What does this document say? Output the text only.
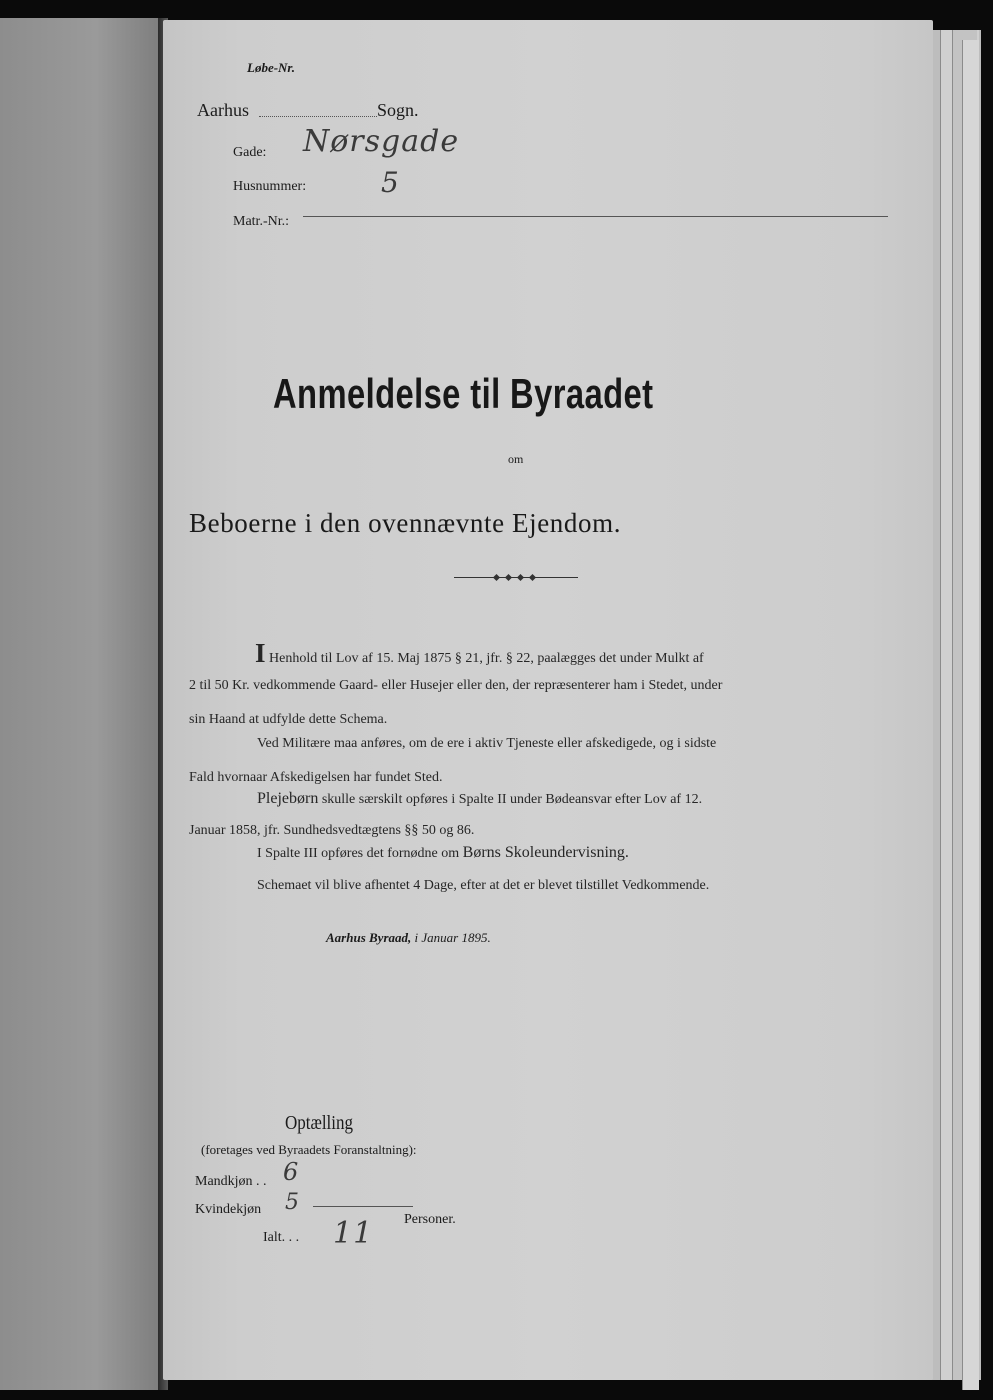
Løbe-Nr.
Aarhus	Sogn.
Gade: Nørsgade
Husnummer:	5
Matr.-Nr.:
Anmeldelse til Byraadet
om
Beboerne i den ovennævnte Ejendom.
I Henhold til Lov af 15. Maj 1875 § 21, jfr. § 22, paalægges det under Mulkt af
2 til 50 Kr. vedkommende Gaard- eller Husejer eller den, der repræsenterer ham i Stedet, under
sin Haand at udfylde dette Schema.
Ved Militære maa anføres, om de ere i aktiv Tjeneste eller afskedigede, og i sidste
Fald hvornaar Afskedigelsen har fundet Sted.
Plejebørn skulle særskilt opføres i Spalte II under Bødeansvar efter Lov af 12.
Januar 1858, jfr. Sundhedsvedtægtens §§ 50 og 86.
I Spalte III opføres det fornødne om Børns Skoleundervisning.
Schemaet vil blive afhentet 4 Dage, efter at det er blevet tilstillet Vedkommende.
Aarhus Byraad, i Januar 1895.
Optælling
(foretages ved Byraadets Foranstaltning):
Mandkjøn . . 6
Kvindekjøn 5
Ialt. . . 11 Personer.
